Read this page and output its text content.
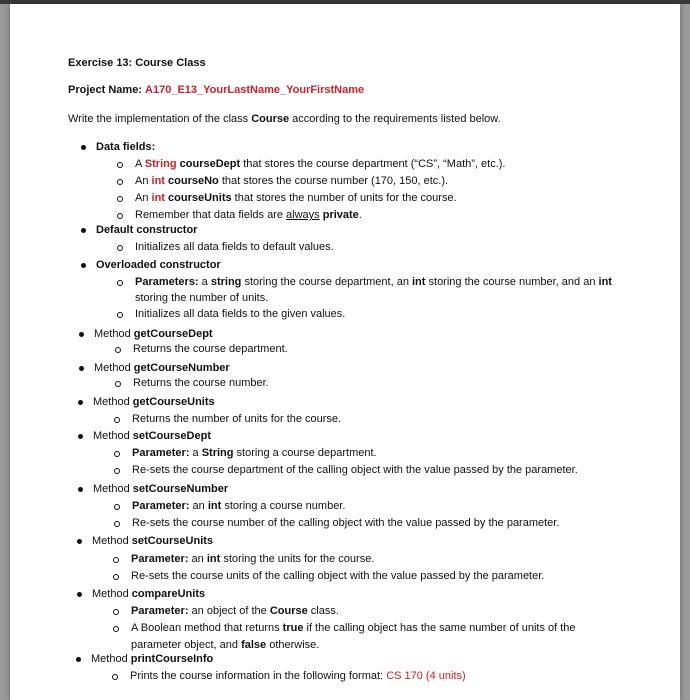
Exercise 13: Course Class
Project Name: A170_E13_YourLastName_YourFirstName
Write the implementation of the class Course according to the requirements listed below.
Data fields:
A String courseDept that stores the course department (“CS”, “Math”, etc.).
An int courseNo that stores the course number (170, 150, etc.).
An int courseUnits that stores the number of units for the course.
Remember that data fields are always private.
Default constructor
Initializes all data fields to default values.
Overloaded constructor
Parameters: a string storing the course department, an int storing the course number, and an int
storing the number of units.
Initializes all data fields to the given values.
Method getCourseDept
Returns the course department.
Method getCourseNumber
Returns the course number.
Method getCourseUnits
Returns the number of units for the course.
Method setCourseDept
Parameter: a String storing a course department.
Re-sets the course department of the calling object with the value passed by the parameter.
Method setCourseNumber
Parameter: an int storing a course number.
Re-sets the course number of the calling object with the value passed by the parameter.
Method setCourseUnits
Parameter: an int storing the units for the course.
Re-sets the course units of the calling object with the value passed by the parameter.
Method compareUnits
Parameter: an object of the Course class.
A Boolean method that returns true if the calling object has the same number of units of the
parameter object, and false otherwise.
Method printCourseInfo
Prints the course information in the following format: CS 170 (4 units)
